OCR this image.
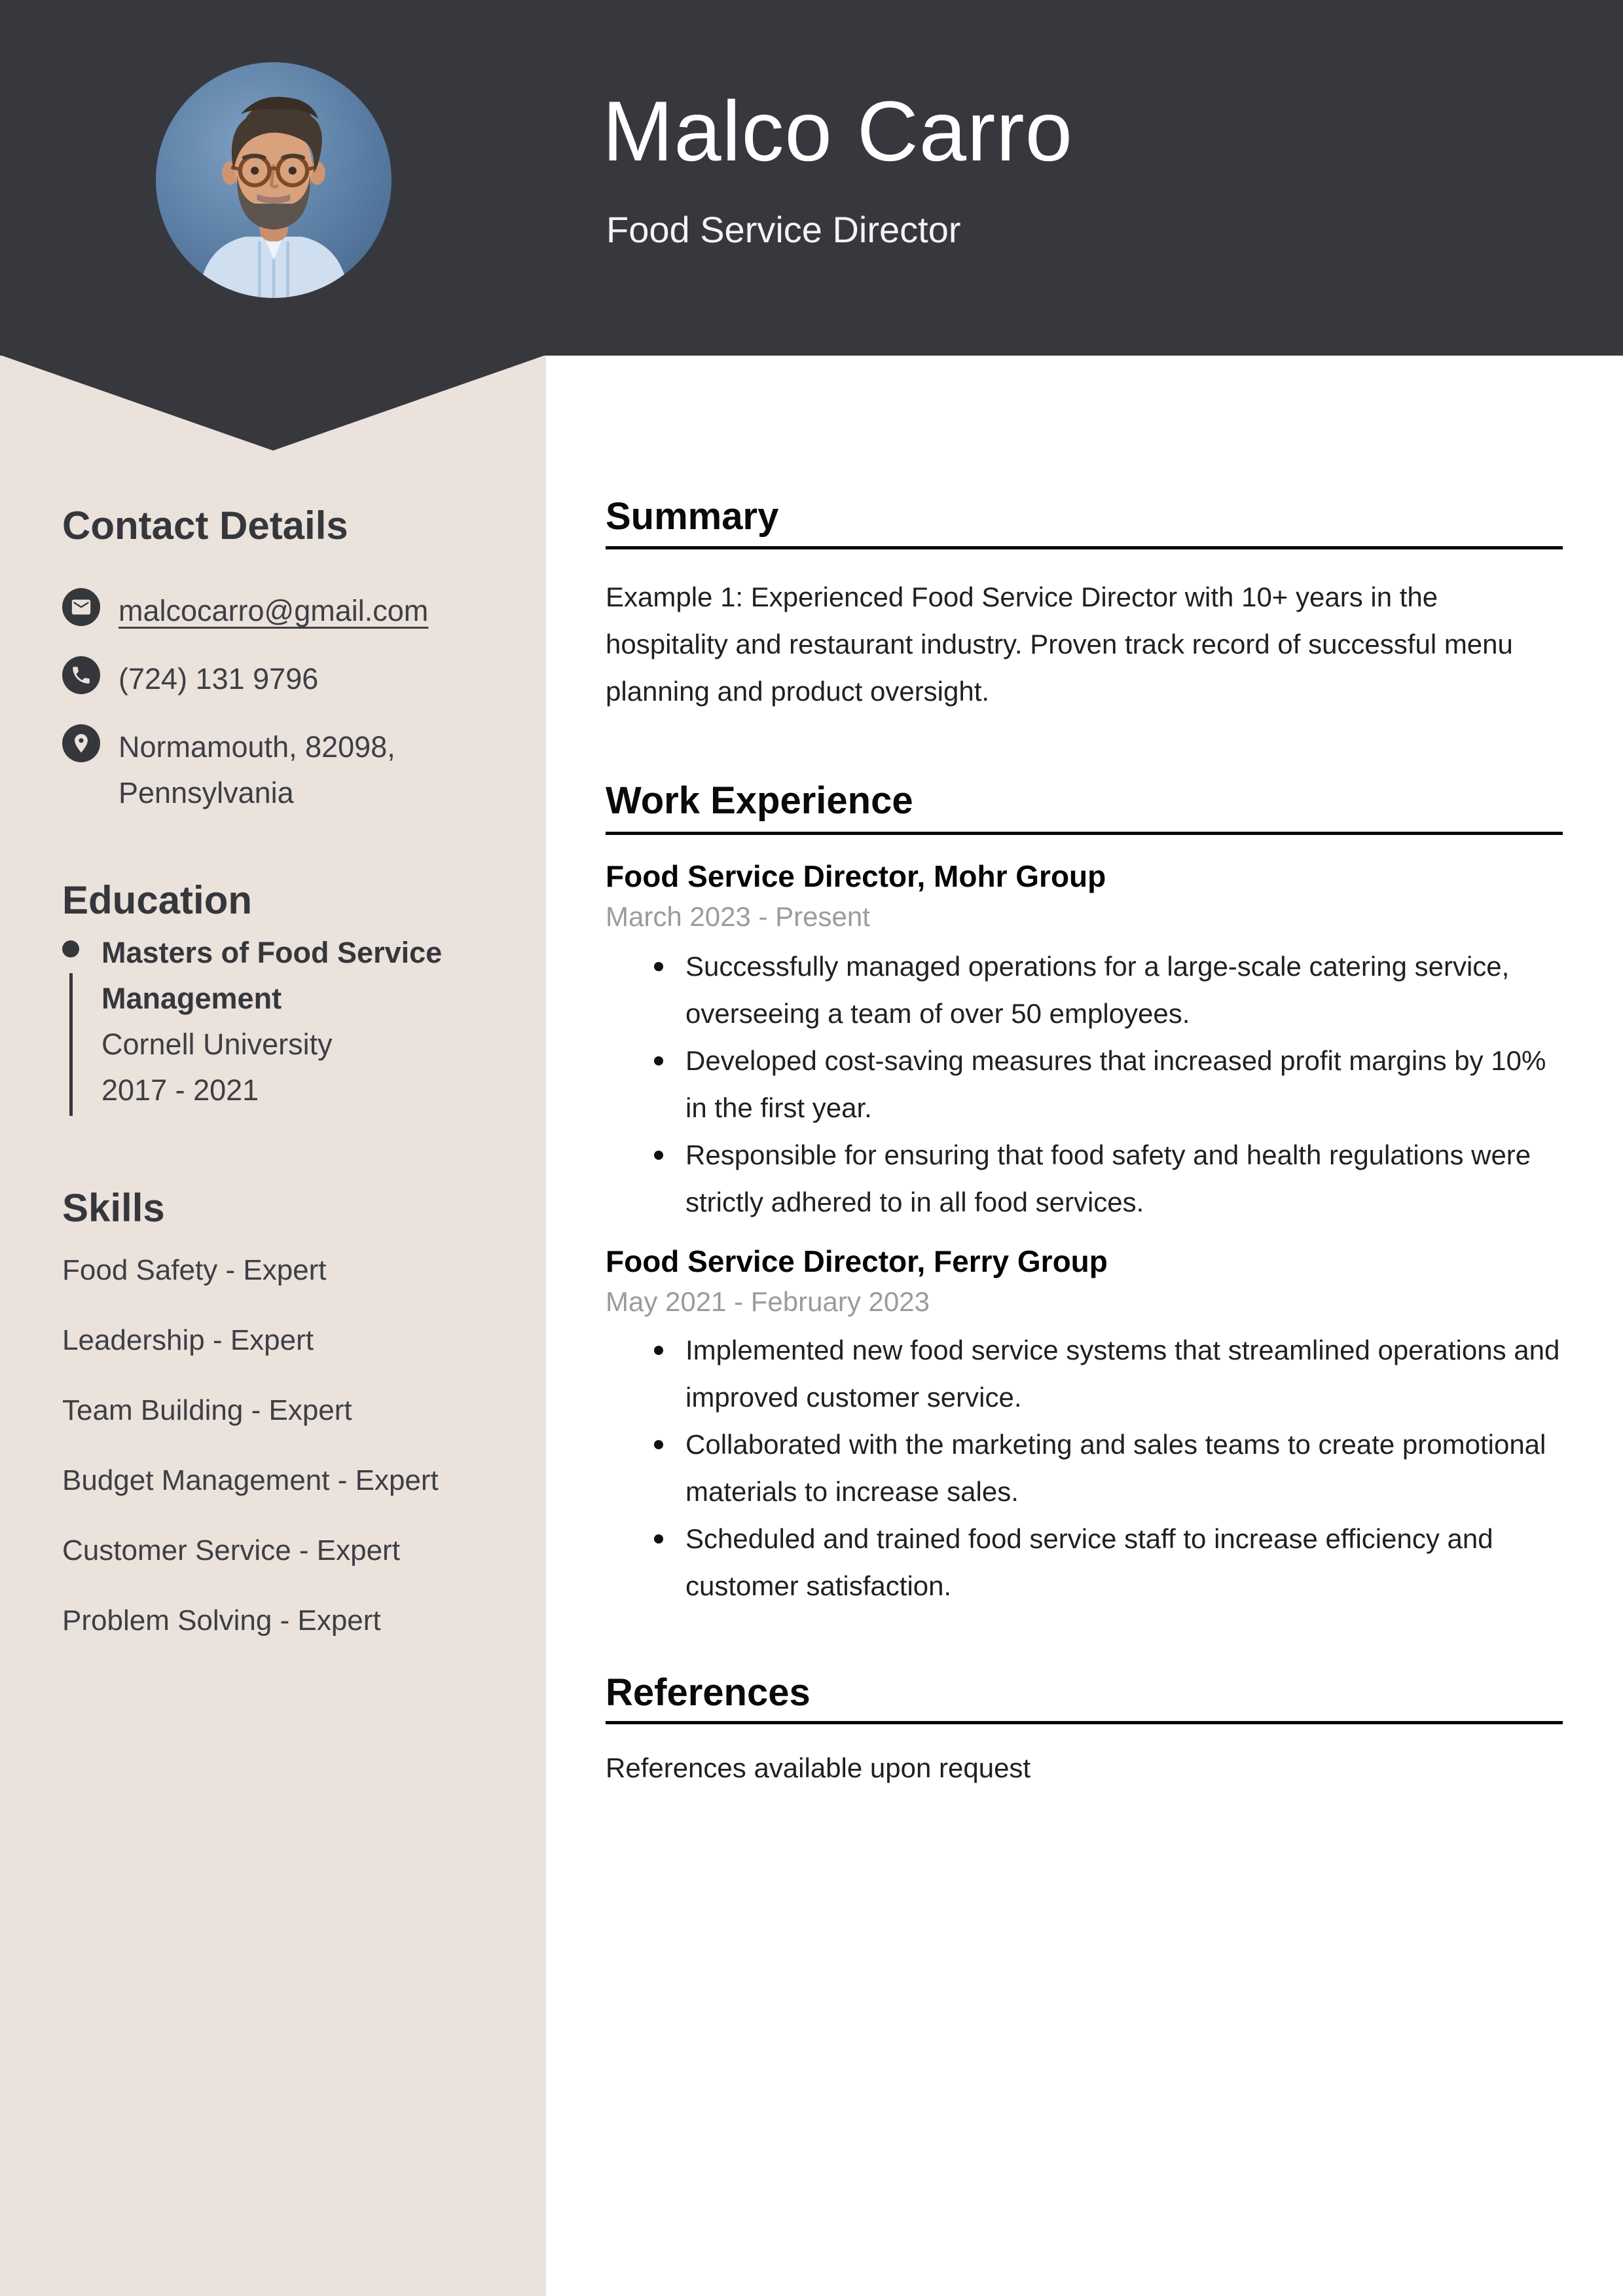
Malco Carro
Food Service Director
Contact Details
malcocarro@gmail.com
(724) 131 9796
Normamouth, 82098, Pennsylvania
Education
Masters of Food Service Management
Cornell University
2017 - 2021
Skills
Food Safety - Expert
Leadership - Expert
Team Building - Expert
Budget Management - Expert
Customer Service - Expert
Problem Solving - Expert
Summary
Example 1: Experienced Food Service Director with 10+ years in the hospitality and restaurant industry. Proven track record of successful menu planning and product oversight.
Work Experience
Food Service Director, Mohr Group
March 2023 - Present
Successfully managed operations for a large-scale catering service, overseeing a team of over 50 employees.
Developed cost-saving measures that increased profit margins by 10% in the first year.
Responsible for ensuring that food safety and health regulations were strictly adhered to in all food services.
Food Service Director, Ferry Group
May 2021 - February 2023
Implemented new food service systems that streamlined operations and improved customer service.
Collaborated with the marketing and sales teams to create promotional materials to increase sales.
Scheduled and trained food service staff to increase efficiency and customer satisfaction.
References
References available upon request
